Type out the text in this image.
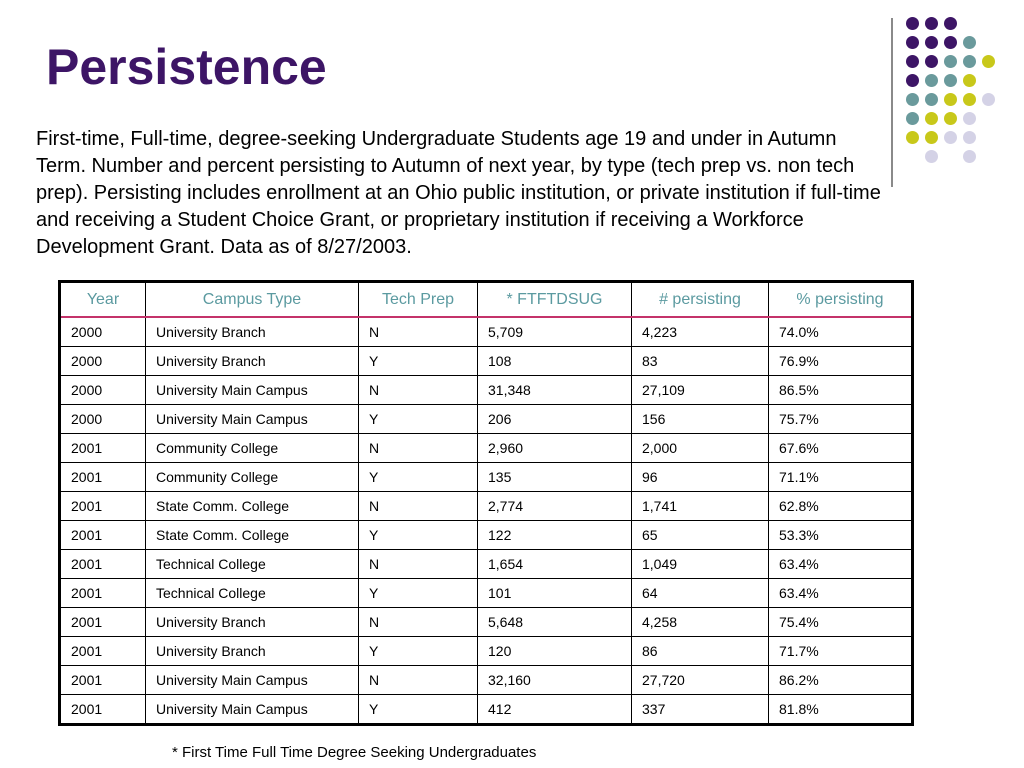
Persistence
First-time, Full-time, degree-seeking Undergraduate Students age 19 and under in Autumn Term. Number and percent persisting to Autumn of next year, by type (tech prep vs. non tech prep). Persisting includes enrollment at an Ohio public institution, or private institution if full-time and receiving a Student Choice Grant, or proprietary institution if receiving a Workforce Development Grant. Data as of 8/27/2003.
Year	Campus Type	Tech Prep	* FTFTDSUG	# persisting	% persisting
2000	University Branch	N	5,709	4,223	74.0%
2000	University Branch	Y	108	83	76.9%
2000	University Main Campus	N	31,348	27,109	86.5%
2000	University Main Campus	Y	206	156	75.7%
2001	Community College	N	2,960	2,000	67.6%
2001	Community College	Y	135	96	71.1%
2001	State Comm. College	N	2,774	1,741	62.8%
2001	State Comm. College	Y	122	65	53.3%
2001	Technical College	N	1,654	1,049	63.4%
2001	Technical College	Y	101	64	63.4%
2001	University Branch	N	5,648	4,258	75.4%
2001	University Branch	Y	120	86	71.7%
2001	University Main Campus	N	32,160	27,720	86.2%
2001	University Main Campus	Y	412	337	81.8%
* First Time Full Time Degree Seeking Undergraduates
